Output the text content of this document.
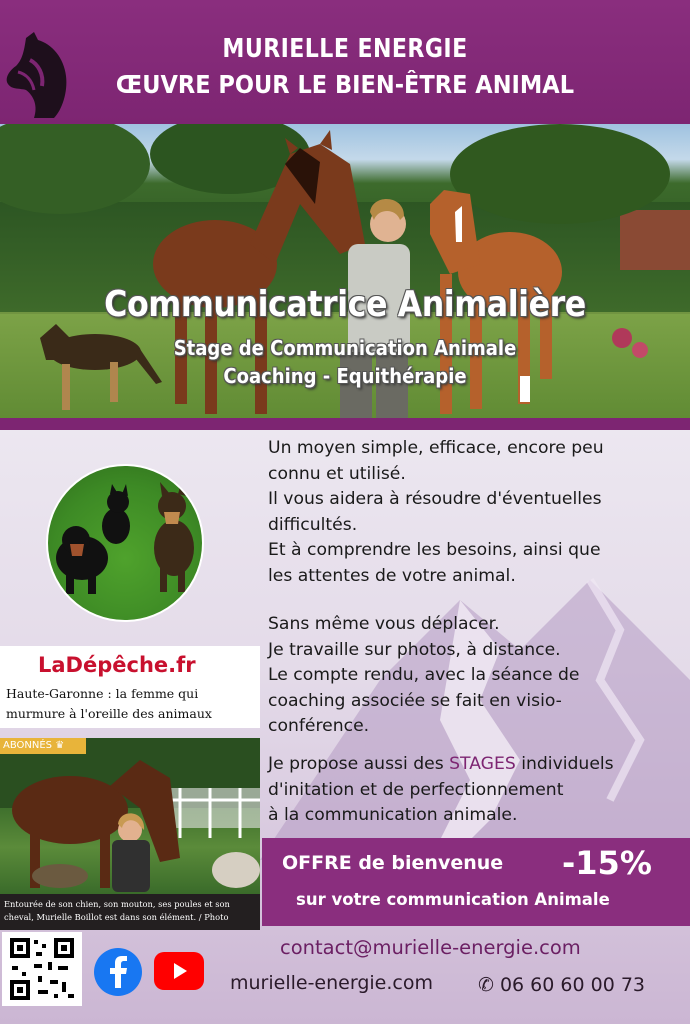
MURIELLE ENERGIE
ŒUVRE POUR LE BIEN-ÊTRE ANIMAL
Communicatrice Animalière
Stage de Communication Animale
Coaching - Equithérapie
Un moyen simple, efficace, encore peu
connu et utilisé.
Il vous aidera à résoudre d'éventuelles
difficultés.
Et à comprendre les besoins, ainsi que
les attentes de votre animal.
Sans même vous déplacer.
Je travaille sur photos, à distance.
Le compte rendu, avec la séance de
coaching associée se fait en visio-
conférence.
Je propose aussi des STAGES individuels
d'initation et de perfectionnement
à la communication animale.
LaDépêche.fr
Haute-Garonne : la femme qui
murmure à l'oreille des animaux
ABONNÉS ♛
Entourée de son chien, son mouton, ses poules et son
cheval, Murielle Boillot est dans son élément. / Photo
OFFRE de bienvenue -15%
sur votre communication Animale
contact@murielle-energie.com
murielle-energie.com ✆ 06 60 60 00 73
